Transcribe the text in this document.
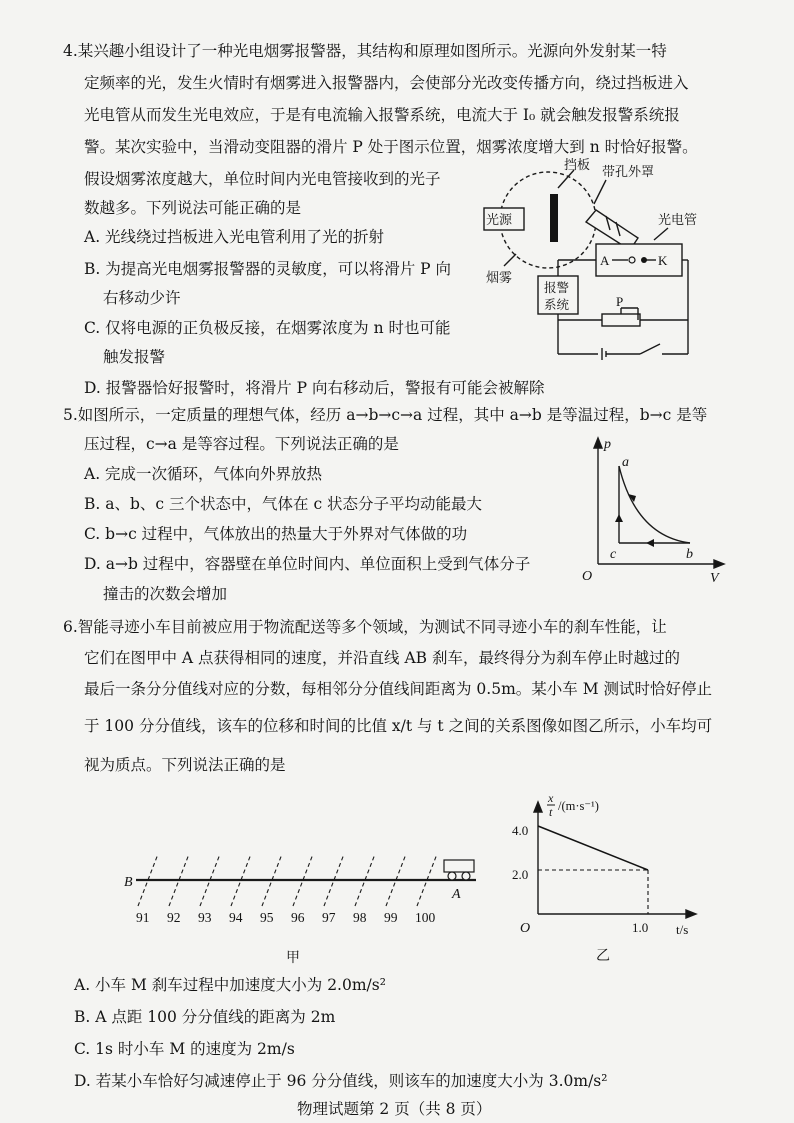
4.某兴趣小组设计了一种光电烟雾报警器，其结构和原理如图所示。光源向外发射某一特
定频率的光，发生火情时有烟雾进入报警器内，会使部分光改变传播方向，绕过挡板进入
光电管从而发生光电效应，于是有电流输入报警系统，电流大于 I₀ 就会触发报警系统报
警。某次实验中，当滑动变阻器的滑片 P 处于图示位置，烟雾浓度增大到 n 时恰好报警。
假设烟雾浓度越大，单位时间内光电管接收到的光子
数越多。下列说法可能正确的是
A. 光线绕过挡板进入光电管利用了光的折射
B. 为提高光电烟雾报警器的灵敏度，可以将滑片 P 向
右移动少许
C. 仅将电源的正负极反接，在烟雾浓度为 n 时也可能
触发报警
D. 报警器恰好报警时，将滑片 P 向右移动后，警报有可能会被解除
光源
挡板 带孔外罩
光电管
烟雾
报警
系统
A	K
P
5.如图所示，一定质量的理想气体，经历 a→b→c→a 过程，其中 a→b 是等温过程，b→c 是等
压过程，c→a 是等容过程。下列说法正确的是
A. 完成一次循环，气体向外界放热
B. a、b、c 三个状态中，气体在 c 状态分子平均动能最大
C. b→c 过程中，气体放出的热量大于外界对气体做的功
D. a→b 过程中，容器壁在单位时间内、单位面积上受到气体分子
撞击的次数会增加
p
V
O
a
b
c
6.智能寻迹小车目前被应用于物流配送等多个领域，为测试不同寻迹小车的刹车性能，让
它们在图甲中 A 点获得相同的速度，并沿直线 AB 刹车，最终得分为刹车停止时越过的
最后一条分分值线对应的分数，每相邻分分值线间距离为 0.5m。某小车 M 测试时恰好停止
于 100 分分值线，该车的位移和时间的比值 x/t 与 t 之间的关系图像如图乙所示，小车均可
视为质点。下列说法正确的是
91 92 93 94 95 96 97 98 99 100
B
A
甲
x
t /(m·s⁻¹)
t/s
O
4.0
2.0
1.0
乙
A. 小车 M 刹车过程中加速度大小为 2.0m/s²
B. A 点距 100 分分值线的距离为 2m
C. 1s 时小车 M 的速度为 2m/s
D. 若某小车恰好匀减速停止于 96 分分值线，则该车的加速度大小为 3.0m/s²
物理试题第 2 页（共 8 页）
